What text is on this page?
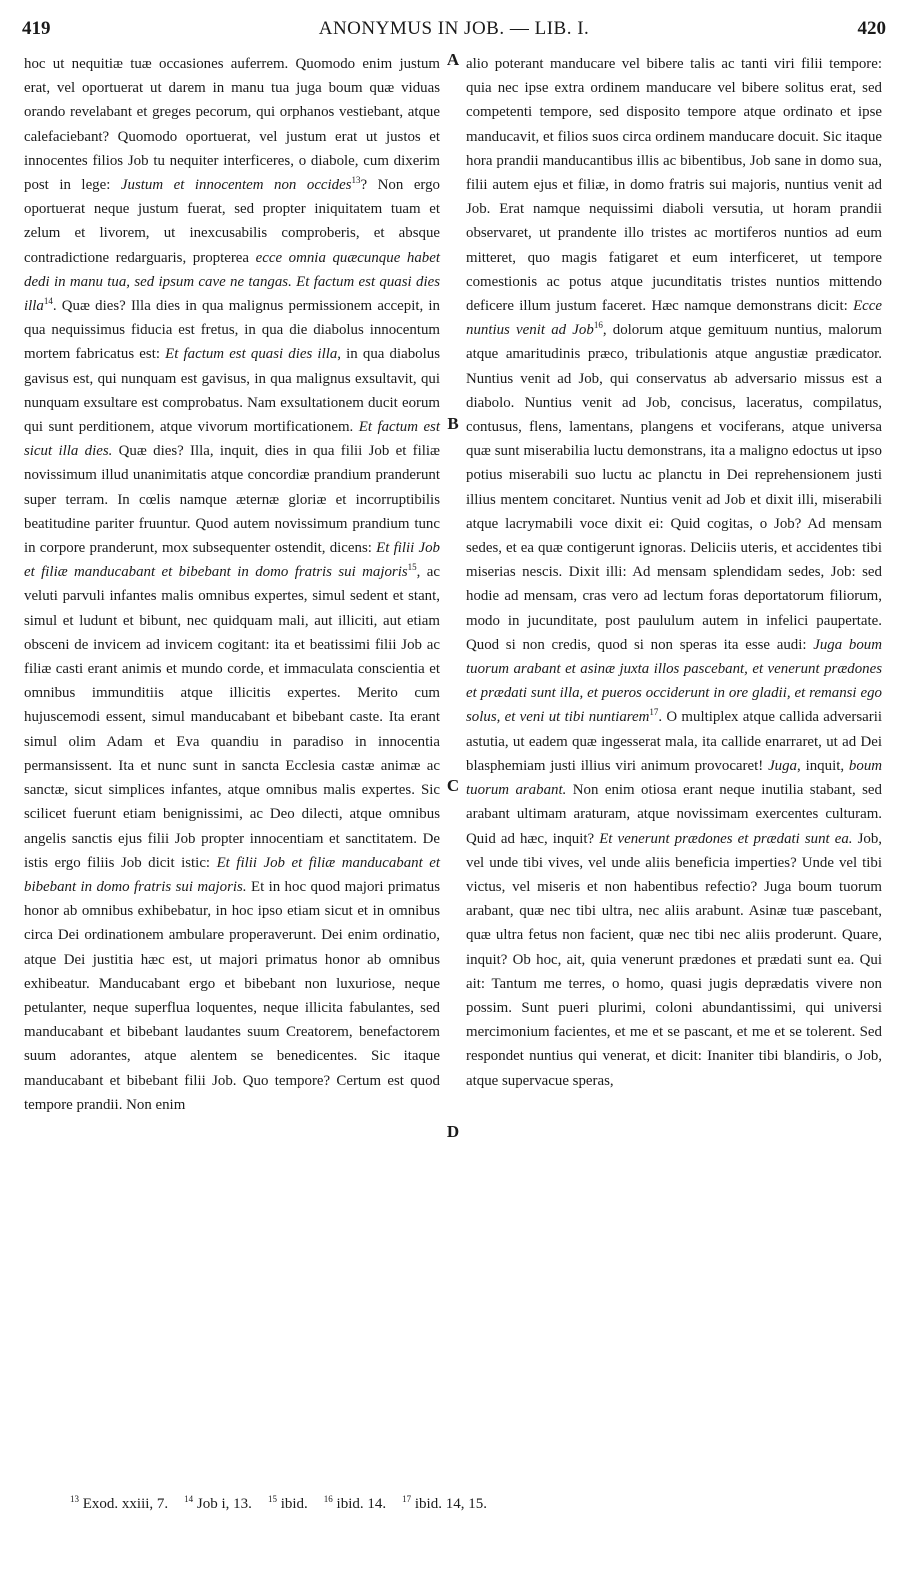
419	ANONYMUS IN JOB. — LIB. I.	420

hoc ut nequitiæ tuæ occasiones auferrem. Quomodo enim justum erat, vel oportuerat ut darem in manu tua juga boum quæ viduas orando revelabant et greges pecorum, qui orphanos vestiebant, atque calefaciebant? Quomodo oportuerat, vel justum erat ut justos et innocentes filios Job tu nequiter interficeres, o diabole, cum dixerim post in lege: Justum et innocentem non occides$^{13}$? Non ergo oportuerat neque justum fuerat, sed propter iniquitatem tuam et zelum et livorem, ut inexcusabilis comproberis, et absque contradictione redarguaris, propterea ecce omnia quæcunque habet dedi in manu tua, sed ipsum cave ne tangas. Et factum est quasi dies illa$^{14}$. Quæ dies? Illa dies in qua malignus permissionem accepit, in qua nequissimus fiducia est fretus, in qua die diabolus innocentum mortem fabricatus est: Et factum est quasi dies illa, in qua diabolus gavisus est, qui nunquam est gavisus, in qua malignus exsultavit, qui nunquam exsultare est comprobatus. Nam exsultationem ducit eorum qui sunt perditionem, atque vivorum mortificationem. Et factum est sicut illa dies. Quæ dies? Illa, inquit, dies in qua filii Job et filiæ novissimum illud unanimitatis atque concordiæ prandium pranderunt super terram. In cœlis namque æternæ gloriæ et incorruptibilis beatitudine pariter fruuntur. Quod autem novissimum prandium tunc in corpore pranderunt, mox subsequenter ostendit, dicens: Et filii Job et filiæ manducabant et bibebant in domo fratris sui majoris$^{15}$, ac veluti parvuli infantes malis omnibus expertes, simul sedent et stant, simul et ludunt et bibunt, nec quidquam mali, aut illiciti, aut etiam obsceni de invicem ad invicem cogitant: ita et beatissimi filii Job ac filiæ casti erant animis et mundo corde, et immaculata conscientia et omnibus immunditiis atque illicitis expertes. Merito cum hujuscemodi essent, simul manducabant et bibebant caste. Ita erant simul olim Adam et Eva quandiu in paradiso in innocentia permansissent. Ita et nunc sunt in sancta Ecclesia castæ animæ ac sanctæ, sicut simplices infantes, atque omnibus malis expertes. Sic scilicet fuerunt etiam benignissimi, ac Deo dilecti, atque omnibus angelis sanctis ejus filii Job propter innocentiam et sanctitatem. De istis ergo filiis Job dicit istic: Et filii Job et filiæ manducabant et bibebant in domo fratris sui majoris. Et in hoc quod majori primatus honor ab omnibus exhibebatur, in hoc ipso etiam sicut et in omnibus circa Dei ordinationem ambulare properaverunt. Dei enim ordinatio, atque Dei justitia hæc est, ut majori primatus honor ab omnibus exhibeatur. Manducabant ergo et bibebant non luxuriose, neque petulanter, neque superflua loquentes, neque illicita fabulantes, sed manducabant et bibebant laudantes suum Creatorem, benefactorem suum adorantes, atque alentem se benedicentes. Sic itaque manducabant et bibebant filii Job. Quo tempore? Certum est quod tempore prandii. Non enim

alio poterant manducare vel bibere talis ac tanti viri filii tempore: quia nec ipse extra ordinem manducare vel bibere solitus erat, sed competenti tempore, sed disposito tempore atque ordinato et ipse manducavit, et filios suos circa ordinem manducare docuit. Sic itaque hora prandii manducantibus illis ac bibentibus, Job sane in domo sua, filii autem ejus et filiæ, in domo fratris sui majoris, nuntius venit ad Job. Erat namque nequissimi diaboli versutia, ut horam prandii observaret, ut prandente illo tristes ac mortiferos nuntios ad eum mitteret, quo magis fatigaret et eum interficeret, ut tempore comestionis ac potus atque jucunditatis tristes nuntios mittendo deficere illum justum faceret. Hæc namque demonstrans dicit: Ecce nuntius venit ad Job$^{16}$, dolorum atque gemituum nuntius, malorum atque amaritudinis præco, tribulationis atque angustiæ prædicator. Nuntius venit ad Job, qui conservatus ab adversario missus est a diabolo. Nuntius venit ad Job, concisus, laceratus, compilatus, contusus, flens, lamentans, plangens et vociferans, atque universa quæ sunt miserabilia luctu demonstrans, ita a maligno edoctus ut ipso potius miserabili suo luctu ac planctu in Dei reprehensionem justi illius mentem concitaret. Nuntius venit ad Job et dixit illi, miserabili atque lacrymabili voce dixit ei: Quid cogitas, o Job? Ad mensam sedes, et ea quæ contigerunt ignoras. Deliciis uteris, et accidentes tibi miserias nescis. Dixit illi: Ad mensam splendidam sedes, Job: sed hodie ad mensam, cras vero ad lectum foras deportatorum filiorum, modo in jucunditate, post paululum autem in infelici paupertate. Quod si non credis, quod si non speras ita esse audi: Juga boum tuorum arabant et asinæ juxta illos pascebant, et venerunt prædones et prædati sunt illa, et pueros occiderunt in ore gladii, et remansi ego solus, et veni ut tibi nuntiarem$^{17}$. O multiplex atque callida adversarii astutia, ut eadem quæ ingesserat mala, ita callide enarraret, ut ad Dei blasphemiam justi illius viri animum provocaret! Juga, inquit, boum tuorum arabant. Non enim otiosa erant neque inutilia stabant, sed arabant ultimam araturam, atque novissimam exercentes culturam. Quid ad hæc, inquit? Et venerunt prædones et prædati sunt ea. Job, vel unde tibi vives, vel unde aliis beneficia imperties? Unde vel tibi victus, vel miseris et non habentibus refectio? Juga boum tuorum arabant, quæ nec tibi ultra, nec aliis arabunt. Asinæ tuæ pascebant, quæ ultra fetus non facient, quæ nec tibi nec aliis proderunt. Quare, inquit? Ob hoc, ait, quia venerunt prædones et prædati sunt ea. Qui ait: Tantum me terres, o homo, quasi jugis deprædatis vivere non possim. Sunt pueri plurimi, coloni abundantissimi, qui universi mercimonium facientes, et me et se pascant, et me et se tolerent. Sed respondet nuntius qui venerat, et dicit: Inaniter tibi blandiris, o Job, atque supervacue speras,

A
B
C
D
$^{13}$ Exod. xxiii, 7. $^{14}$ Job i, 13. $^{15}$ ibid. $^{16}$ ibid. 14. $^{17}$ ibid. 14, 15.
